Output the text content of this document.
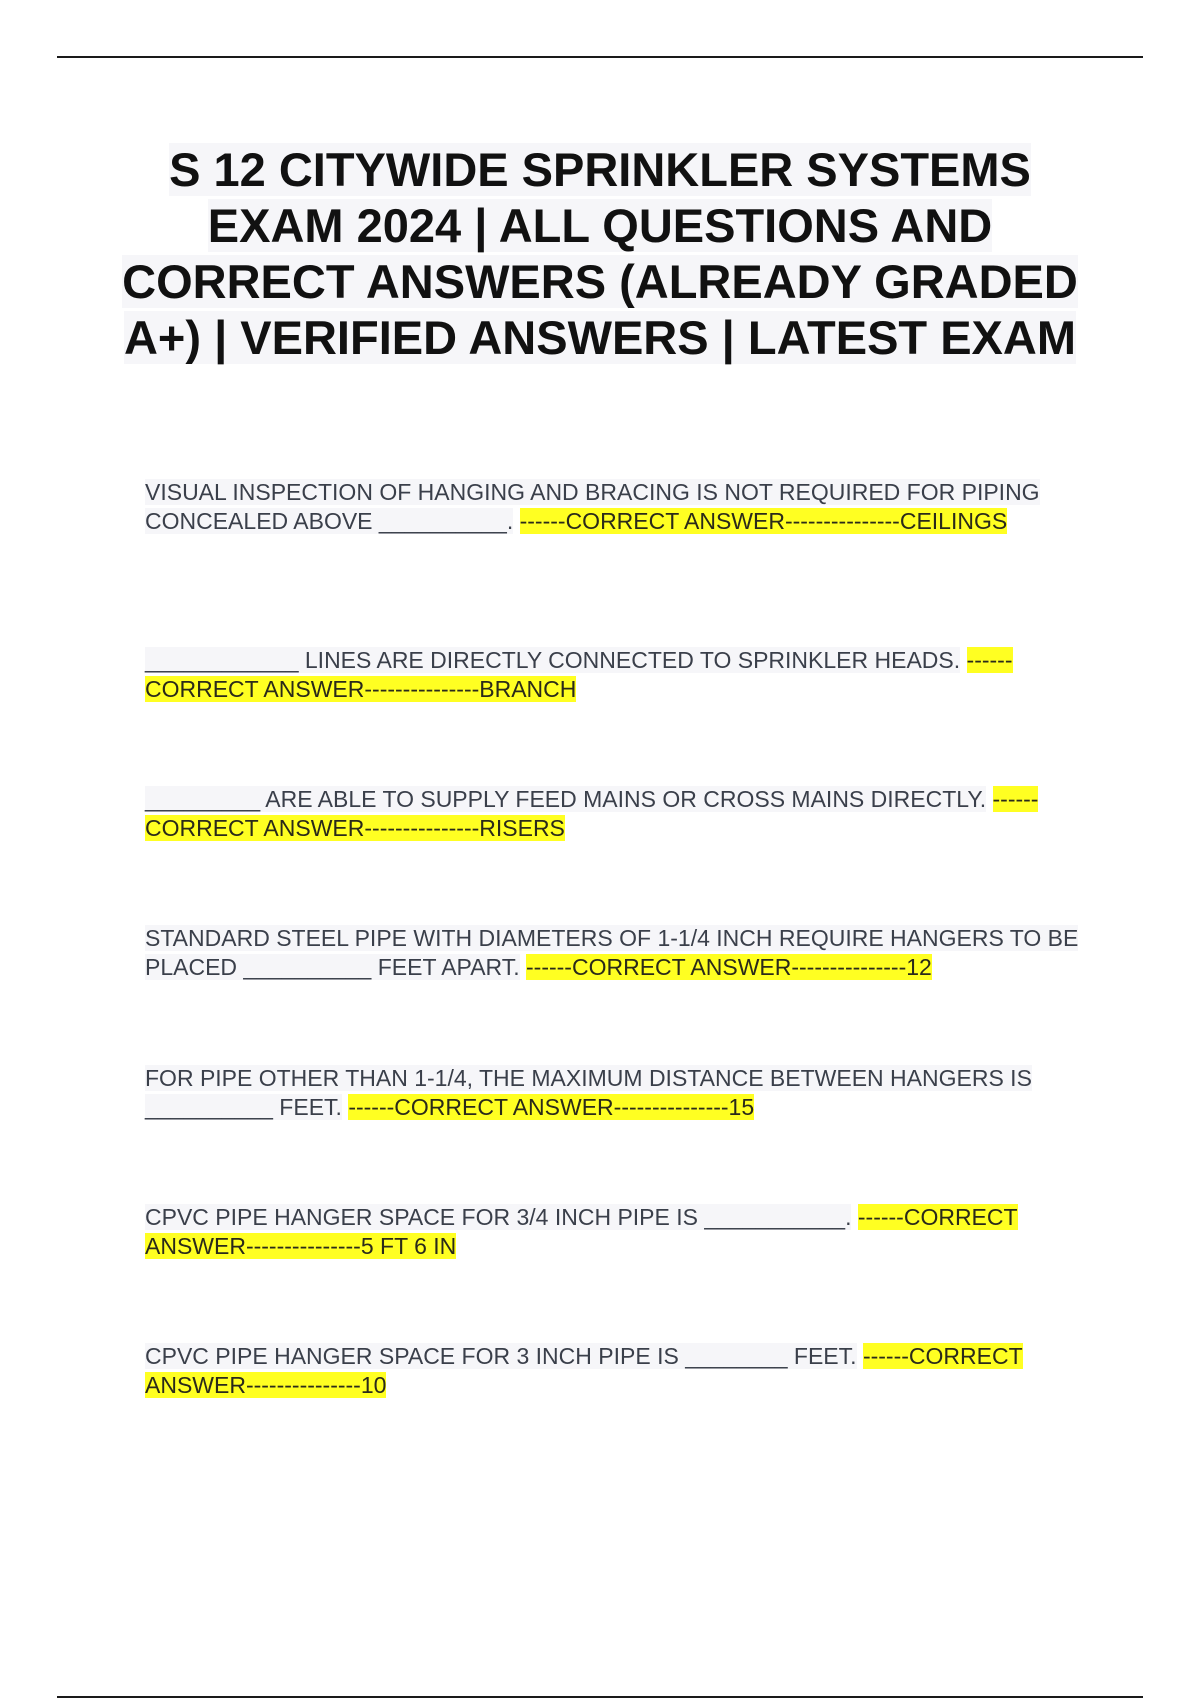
S 12 CITYWIDE SPRINKLER SYSTEMS EXAM 2024 | ALL QUESTIONS AND CORRECT ANSWERS (ALREADY GRADED A+) | VERIFIED ANSWERS | LATEST EXAM

VISUAL INSPECTION OF HANGING AND BRACING IS NOT REQUIRED FOR PIPING CONCEALED ABOVE __________. ------CORRECT ANSWER---------------CEILINGS

____________ LINES ARE DIRECTLY CONNECTED TO SPRINKLER HEADS. ------CORRECT ANSWER---------------BRANCH

_________ ARE ABLE TO SUPPLY FEED MAINS OR CROSS MAINS DIRECTLY. ------CORRECT ANSWER---------------RISERS

STANDARD STEEL PIPE WITH DIAMETERS OF 1-1/4 INCH REQUIRE HANGERS TO BE PLACED __________ FEET APART. ------CORRECT ANSWER---------------12

FOR PIPE OTHER THAN 1-1/4, THE MAXIMUM DISTANCE BETWEEN HANGERS IS __________ FEET. ------CORRECT ANSWER---------------15

CPVC PIPE HANGER SPACE FOR 3/4 INCH PIPE IS ___________. ------CORRECT ANSWER---------------5 FT 6 IN

CPVC PIPE HANGER SPACE FOR 3 INCH PIPE IS ________ FEET. ------CORRECT ANSWER---------------10
